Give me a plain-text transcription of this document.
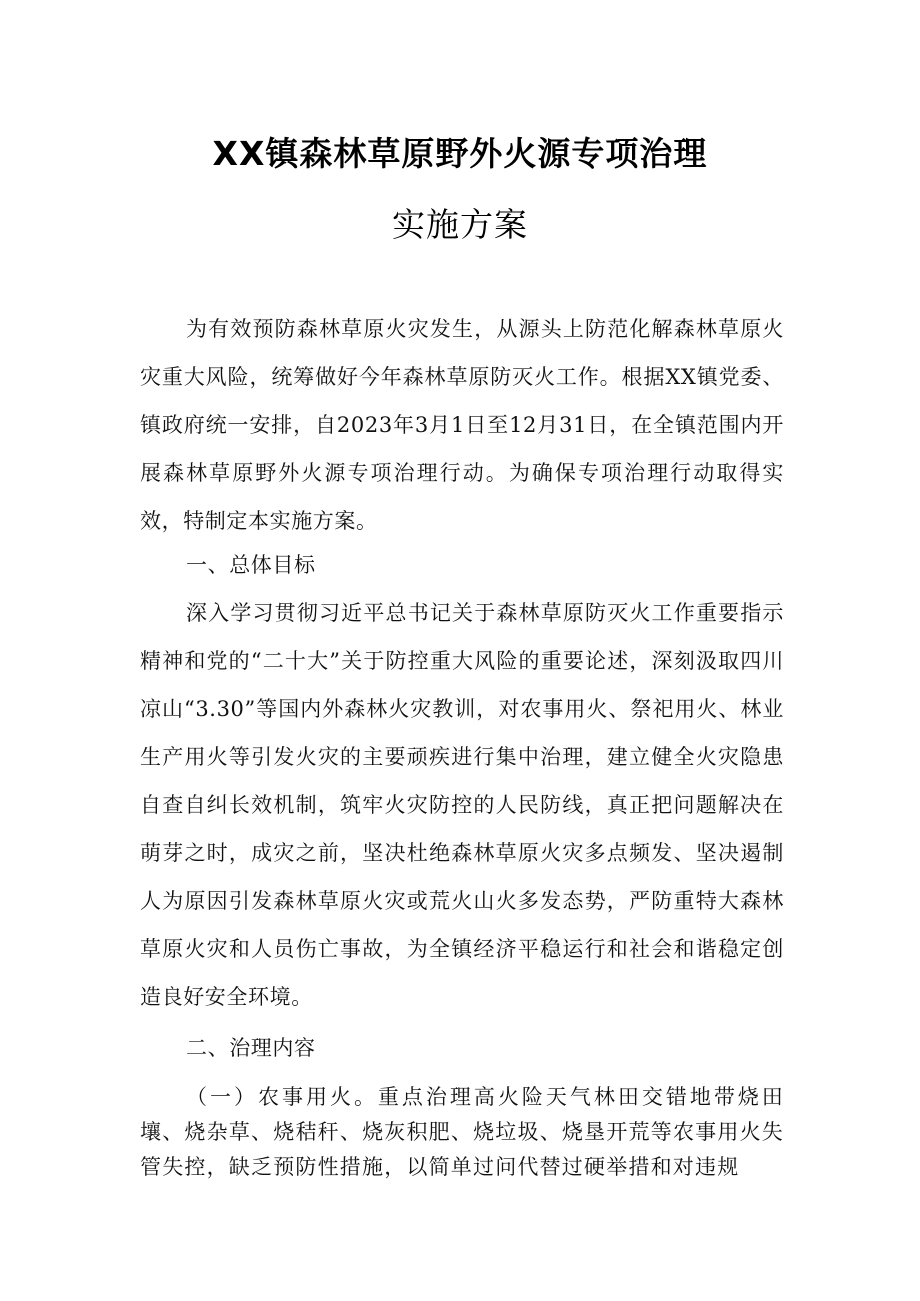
XX镇森林草原野外火源专项治理
实施方案

为有效预防森林草原火灾发生，从源头上防范化解森林草原火灾重大风险，统筹做好今年森林草原防灭火工作。根据XX镇党委、镇政府统一安排，自2023年3月1日至12月31日，在全镇范围内开展森林草原野外火源专项治理行动。为确保专项治理行动取得实效，特制定本实施方案。

一、总体目标

深入学习贯彻习近平总书记关于森林草原防灭火工作重要指示精神和党的“二十大”关于防控重大风险的重要论述，深刻汲取四川凉山“3.30”等国内外森林火灾教训，对农事用火、祭祀用火、林业生产用火等引发火灾的主要顽疾进行集中治理，建立健全火灾隐患自查自纠长效机制，筑牢火灾防控的人民防线，真正把问题解决在萌芽之时，成灾之前，坚决杜绝森林草原火灾多点频发、坚决遏制人为原因引发森林草原火灾或荒火山火多发态势，严防重特大森林草原火灾和人员伤亡事故，为全镇经济平稳运行和社会和谐稳定创造良好安全环境。

二、治理内容

（一）农事用火。重点治理高火险天气林田交错地带烧田壤、烧杂草、烧秸秆、烧灰积肥、烧垃圾、烧垦开荒等农事用火失管失控，缺乏预防性措施，以简单过问代替过硬举措和对违规
